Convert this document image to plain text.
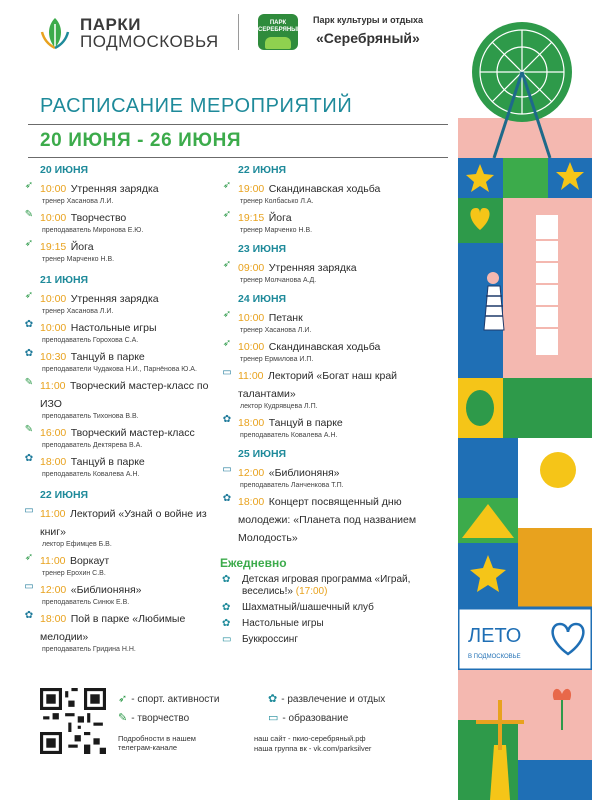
ПАРКИ
ПОДМОСКОВЬЯ
ПАРК СЕРЕБРЯНЫЙ
Парк культуры и отдыха
«Серебряный»
РАСПИСАНИЕ МЕРОПРИЯТИЙ
20 ИЮНЯ - 26 ИЮНЯ
20 ИЮНЯ
➶ 10:00 Утренняя зарядка
тренер Хасанова Л.И.
✎ 10:00 Творчество
преподаватель Миронова Е.Ю.
➶ 19:15 Йога
тренер Марченко Н.В.
21 ИЮНЯ
➶ 10:00 Утренняя зарядка
тренер Хасанова Л.И.
✿ 10:00 Настольные игры
преподаватель Горохова С.А.
✿ 10:30 Танцуй в парке
преподаватели Чудакова Н.И., Парнёнова Ю.А.
✎ 11:00 Творческий мастер-класс по ИЗО
преподаватель Тихонова В.В.
✎ 16:00 Творческий мастер-класс
преподаватель Дектярева В.А.
✿ 18:00 Танцуй в парке
преподаватель Ковалева А.Н.
22 ИЮНЯ
▭ 11:00 Лекторий «Узнай о войне из книг»
лектор Ефимцев Б.В.
➶ 11:00 Воркаут
тренер Ерохин С.В.
▭ 12:00 «Библионяня»
преподаватель Синюк Е.В.
✿ 18:00 Пой в парке «Любимые мелодии»
преподаватель Гридина Н.Н.
22 ИЮНЯ
➶ 19:00 Скандинавская ходьба
тренер Колбасько Л.А.
➶ 19:15 Йога
тренер Марченко Н.В.
23 ИЮНЯ
➶ 09:00 Утренняя зарядка
тренер Молчанова А.Д.
24 ИЮНЯ
➶ 10:00 Петанк
тренер Хасанова Л.И.
➶ 10:00 Скандинавская ходьба
тренер Ермилова И.П.
▭ 11:00 Лекторий «Богат наш край талантами»
лектор Кудрявцева Л.П.
✿ 18:00 Танцуй в парке
преподаватель Ковалева А.Н.
25 ИЮНЯ
▭ 12:00 «Библионяня»
преподаватель Ланченкова Т.П.
✿ 18:00 Концерт посвященный дню молодежи: «Планета под названием Молодость»
Ежедневно
✿ Детская игровая программа «Играй, веселись!» (17:00)
✿ Шахматный/шашечный клуб
✿ Настольные игры
▭ Буккроссинг	ЛЕТО
В ПОДМОСКОВЬЕ
➶ - спорт. активности
✎ - творчество
✿ - развлечение и отдых
▭ - образование
Подробности в нашем телеграм-канале
наш сайт - пкио-серебряный.рф
наша группа вк - vk.com/parksilver
